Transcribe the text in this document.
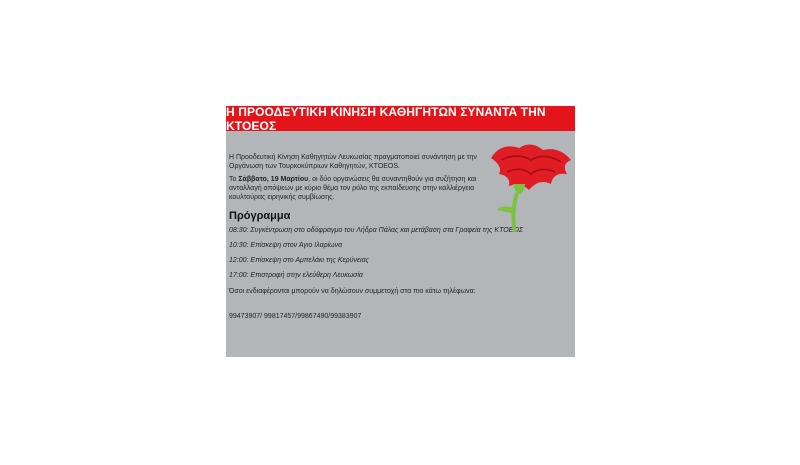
Η ΠΡΟΟΔΕΥΤΙΚΗ ΚΙΝΗΣΗ ΚΑΘΗΓΗΤΩΝ ΣΥΝΑΝΤΑ ΤΗΝ ΚΤΟΕΟΣ
Η Προοδευτική Κίνηση Καθηγητών Λευκωσίας πραγματοποιεί συνάντηση με την Οργάνωση των Τουρκοκύπριων Καθηγητών, ΚΤΟΕΟS.
Το Σάββατο, 19 Μαρτίου, οι δύο οργανώσεις θα συναντηθούν για συζήτηση και ανταλλαγή απόψεων με κύριο θέμα τον ρόλο της εκπαίδευσης στην καλλιέργεια κουλτούρας ειρηνικής συμβίωσης.
Πρόγραμμα
08:30: Συγκέντρωση στο οδόφραγμο του Λήδρα Πάλας και μετάβαση στα Γραφεία της ΚΤΟΕΟΣ
10:30: Επίσκεψη στον Άγιο Ιλαρίωνα
12:00: Επίσκεψη στο Αμπελάκι της Κερύνειας
17:00: Επιστροφή στην ελεύθερη Λευκωσία
Όσοι ενδιαφέρονται μπορούν να δηλώσουν συμμετοχή στα πιο κάτω τηλέφωνα:
99473907/ 99817457/99867490/99383907
